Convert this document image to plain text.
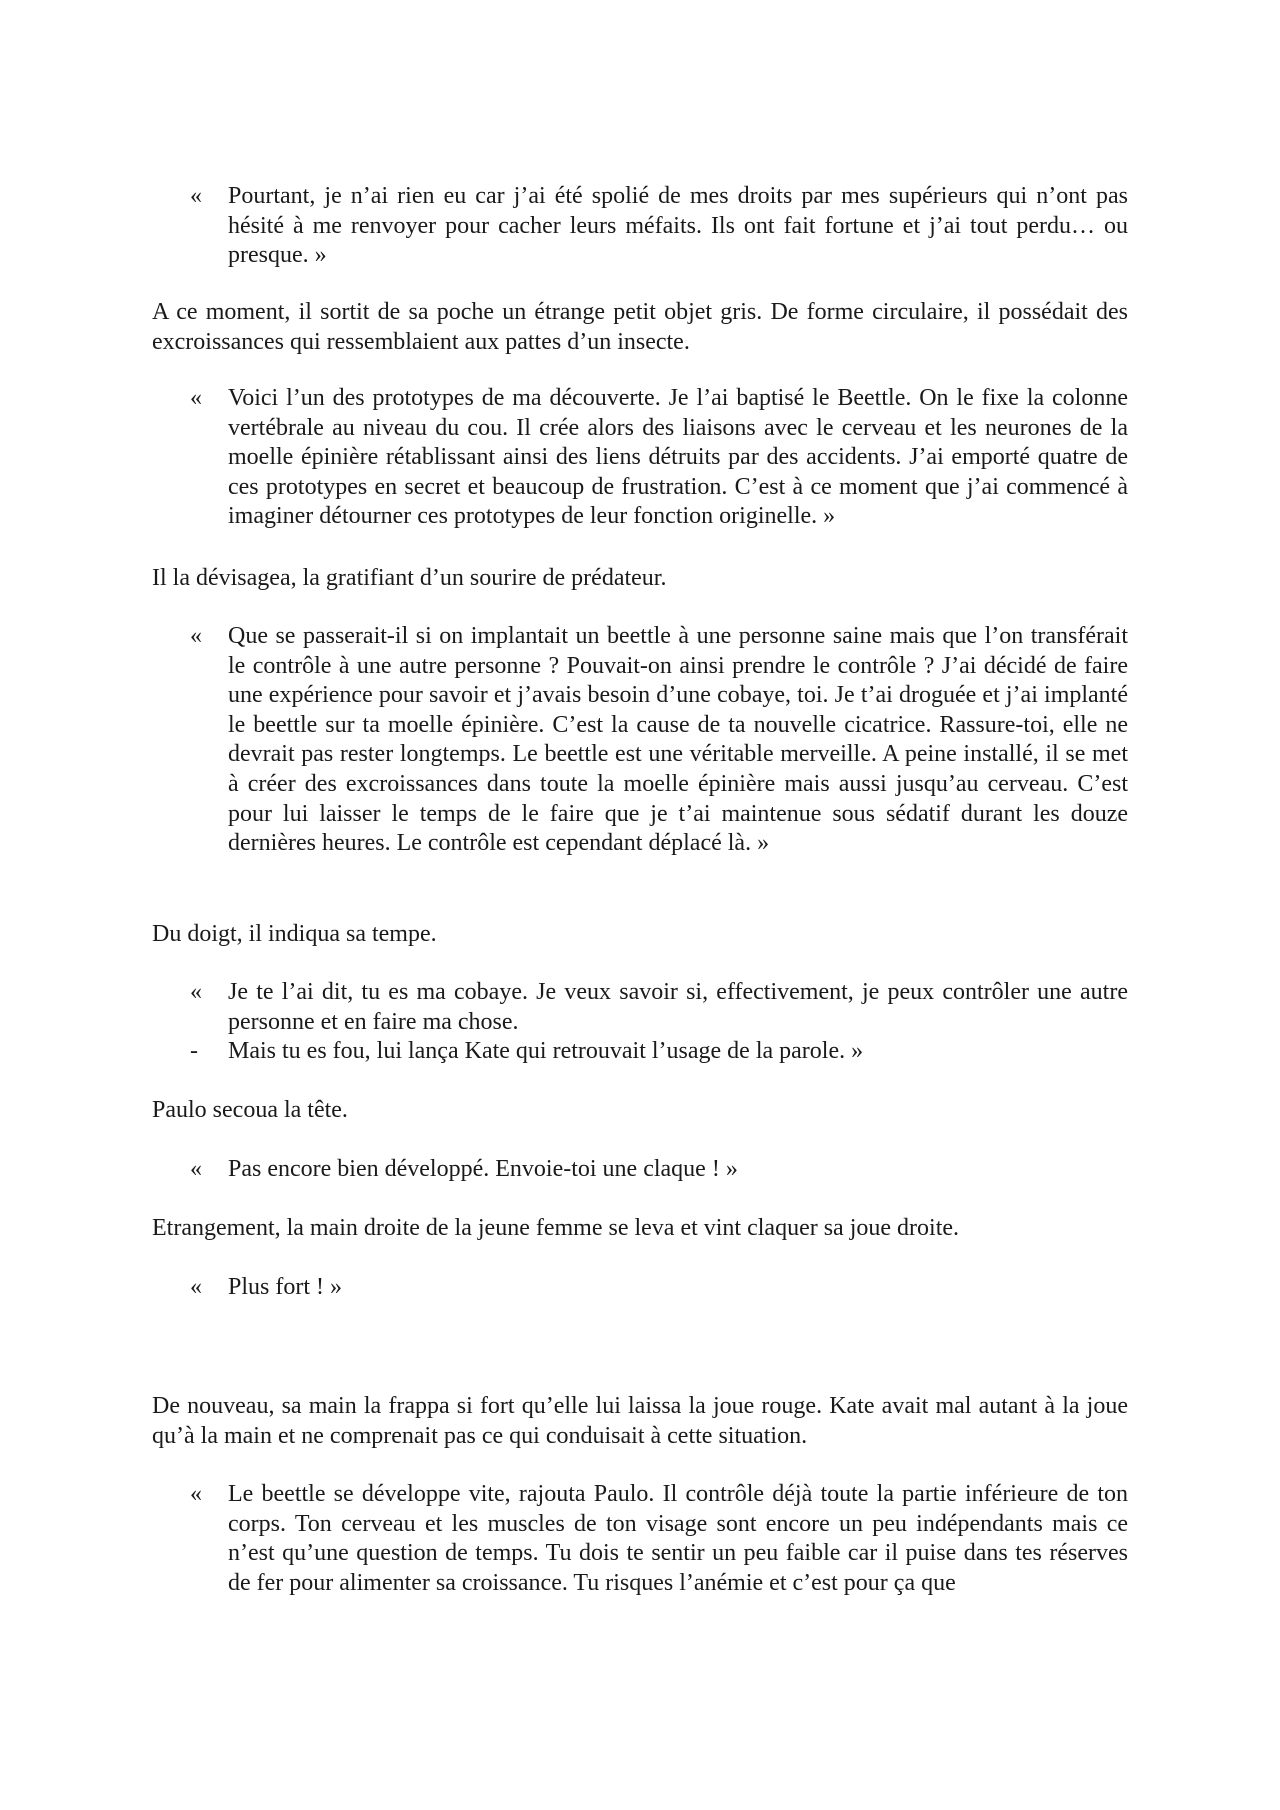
«	Pourtant, je n’ai rien eu car j’ai été spolié de mes droits par mes supérieurs qui n’ont pas hésité à me renvoyer pour cacher leurs méfaits. Ils ont fait fortune et j’ai tout perdu… ou presque. »

A ce moment, il sortit de sa poche un étrange petit objet gris. De forme circulaire, il possédait des excroissances qui ressemblaient aux pattes d’un insecte.

«	Voici l’un des prototypes de ma découverte. Je l’ai baptisé le Beettle. On le fixe la colonne vertébrale au niveau du cou. Il crée alors des liaisons avec le cerveau et les neurones de la moelle épinière rétablissant ainsi des liens détruits par des accidents. J’ai emporté quatre de ces prototypes en secret et beaucoup de frustration. C’est à ce moment que j’ai commencé à imaginer détourner ces prototypes de leur fonction originelle. »

Il la dévisagea, la gratifiant d’un sourire de prédateur.

«	Que se passerait-il si on implantait un beettle à une personne saine mais que l’on transférait le contrôle à une autre personne ? Pouvait-on ainsi prendre le contrôle ? J’ai décidé de faire une expérience pour savoir et j’avais besoin d’une cobaye, toi. Je t’ai droguée et j’ai implanté le beettle sur ta moelle épinière. C’est la cause de ta nouvelle cicatrice. Rassure-toi, elle ne devrait pas rester longtemps. Le beettle est une véritable merveille. A peine installé, il se met à créer des excroissances dans toute la moelle épinière mais aussi jusqu’au cerveau. C’est pour lui laisser le temps de le faire que je t’ai maintenue sous sédatif durant les douze dernières heures. Le contrôle est cependant déplacé là. »

Du doigt, il indiqua sa tempe.

«	Je te l’ai dit, tu es ma cobaye. Je veux savoir si, effectivement, je peux contrôler une autre personne et en faire ma chose.

-	Mais tu es fou, lui lança Kate qui retrouvait l’usage de la parole. »

Paulo secoua la tête.

«	Pas encore bien développé. Envoie-toi une claque ! »

Etrangement, la main droite de la jeune femme se leva et vint claquer sa joue droite.

«	Plus fort ! »

De nouveau, sa main la frappa si fort qu’elle lui laissa la joue rouge. Kate avait mal autant à la joue qu’à la main et ne comprenait pas ce qui conduisait à cette situation.

«	Le beettle se développe vite, rajouta Paulo. Il contrôle déjà toute la partie inférieure de ton corps. Ton cerveau et les muscles de ton visage sont encore un peu indépendants mais ce n’est qu’une question de temps. Tu dois te sentir un peu faible car il puise dans tes réserves de fer pour alimenter sa croissance. Tu risques l’anémie et c’est pour ça que
